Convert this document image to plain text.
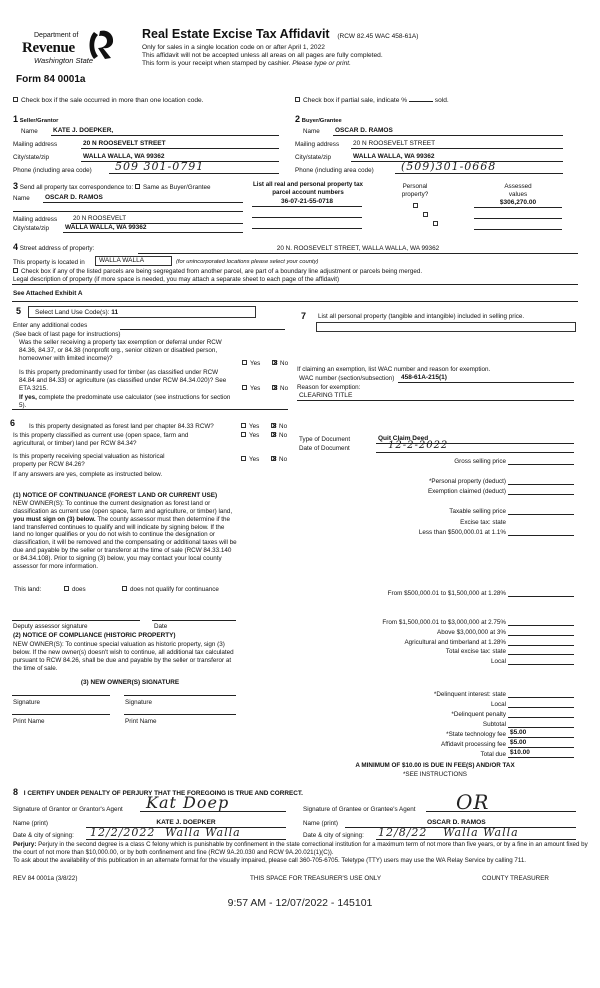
Department of
Revenue
Washington State
Form 84 0001a
Real Estate Excise Tax Affidavit (RCW 82.45 WAC 458-61A)
Only for sales in a single location code on or after April 1, 2022
This affidavit will not be accepted unless all areas on all pages are fully completed.
This form is your receipt when stamped by cashier. Please type or print.
Check box if the sale occurred in more than one location code.	Check box if partial sale, indicate %	sold.
1 Seller/Grantor
Name	KATE J. DOEPKER,
Mailing address	20 N ROOSEVELT STREET
City/state/zip	WALLA WALLA, WA 99362
Phone (including area code)	509 301-0791
2 Buyer/Grantee
Name	OSCAR D. RAMOS
Mailing address	20 N ROOSEVELT STREET
City/state/zip	WALLA WALLA, WA 99362
Phone (including area code)	(509)301-0668
3 Send all property tax correspondence to: Same as Buyer/Grantee
Name	OSCAR D. RAMOS
Mailing address	20 N ROOSEVELT
City/state/zip	WALLA WALLA, WA 99362
List all real and personal property tax
parcel account numbers
36-07-21-55-0718
Personal
property?

Assessed
values
$306,270.00
4 Street address of property:	20 N. ROOSEVELT STREET, WALLA WALLA, WA 99362
This property is located in	WALLA WALLA	(for unincorporated locations please select your county)
Check box if any of the listed parcels are being segregated from another parcel, are part of a boundary line adjustment or parcels being merged.
Legal description of property (if more space is needed, you may attach a separate sheet to each page of the affidavit)
See Attached Exhibit A
5	Select Land Use Code(s): 11
Enter any additional codes
(See back of last page for instructions)
Was the seller receiving a property tax exemption or deferral under RCW 84.36, 84.37, or 84.38 (nonprofit org., senior citizen or disabled person, homeowner with limited income)?
Yes	No
Is this property predominantly used for timber (as classified under RCW 84.84 and 84.33) or agriculture (as classified under RCW 84.34.020)? See ETA 3215.	Yes	No
If yes, complete the predominate use calculator (see instructions for section 5).
7 List all personal property (tangible and intangible) included in selling price.
If claiming an exemption, list WAC number and reason for exemption.
WAC number (section/subsection)	458-61A-215(1)
Reason for exemption:
CLEARING TITLE
Type of Document	Quit Claim Deed
Date of Document	12-2-2022
Gross selling price
*Personal property (deduct)
Exemption claimed (deduct)
Taxable selling price
Excise tax: state
Less than $500,000.01 at 1.1%
From $500,000.01 to $1,500,000 at 1.28%
From $1,500,000.01 to $3,000,000 at 2.75%
Above $3,000,000 at 3%
Agricultural and timberland at 1.28%
Total excise tax: state
Local
*Delinquent interest: state
Local
*Delinquent penalty
Subtotal
*State technology fee $5.00
Affidavit processing fee $5.00
Total due $10.00
A MINIMUM OF $10.00 IS DUE IN FEE(S) AND/OR TAX
*SEE INSTRUCTIONS
6 Is this property designated as forest land per chapter 84.33 RCW?	Yes	No
Is this property classified as current use (open space, farm and agricultural, or timber) land per RCW 84.34?
Yes	No
Is this property receiving special valuation as historical property per RCW 84.26?
Yes	No
If any answers are yes, complete as instructed below.
(1) NOTICE OF CONTINUANCE (FOREST LAND OR CURRENT USE)
NEW OWNER(S): To continue the current designation as forest land or classification as current use (open space, farm and agriculture, or timber) land, you must sign on (3) below. The county assessor must then determine if the land transferred continues to qualify and will indicate by signing below. If the land no longer qualifies or you do not wish to continue the designation or classification, it will be removed and the compensating or additional taxes will be due and payable by the seller or transferor at the time of sale (RCW 84.33.140 or 84.34.108). Prior to signing (3) below, you may contact your local county assessor for more information.
This land:	does	does not qualify for continuance
Deputy assessor signature	Date
(2) NOTICE OF COMPLIANCE (HISTORIC PROPERTY)
NEW OWNER(S): To continue special valuation as historic property, sign (3) below. If the new owner(s) doesn't wish to continue, all additional tax calculated pursuant to RCW 84.26, shall be due and payable by the seller or transferor at the time of sale.
(3) NEW OWNER(S) SIGNATURE
Signature	Signature
Print Name	Print Name
8 I CERTIFY UNDER PENALTY OF PERJURY THAT THE FOREGOING IS TRUE AND CORRECT.
Signature of Grantor or Grantor's Agent	Kat Doep
Name (print)	KATE J. DOEPKER
Date & city of signing:	12/2/2022 Walla Walla
Signature of Grantee or Grantee's Agent	OR
Name (print)	OSCAR D. RAMOS
Date & city of signing: 12/8/22 Walla Walla
Perjury: Perjury in the second degree is a class C felony which is punishable by confinement in the state correctional institution for a maximum term of not more than five years, or by a fine in an amount fixed by the court of not more than $10,000.00, or by both confinement and fine (RCW 9A.20.030 and RCW 9A.20.021(1)(C)).
To ask about the availability of this publication in an alternate format for the visually impaired, please call 360-705-6705. Teletype (TTY) users may use the WA Relay Service by calling 711.
REV 84 0001a (3/8/22)	THIS SPACE FOR TREASURER'S USE ONLY	COUNTY TREASURER
9:57 AM - 12/07/2022 - 145101
